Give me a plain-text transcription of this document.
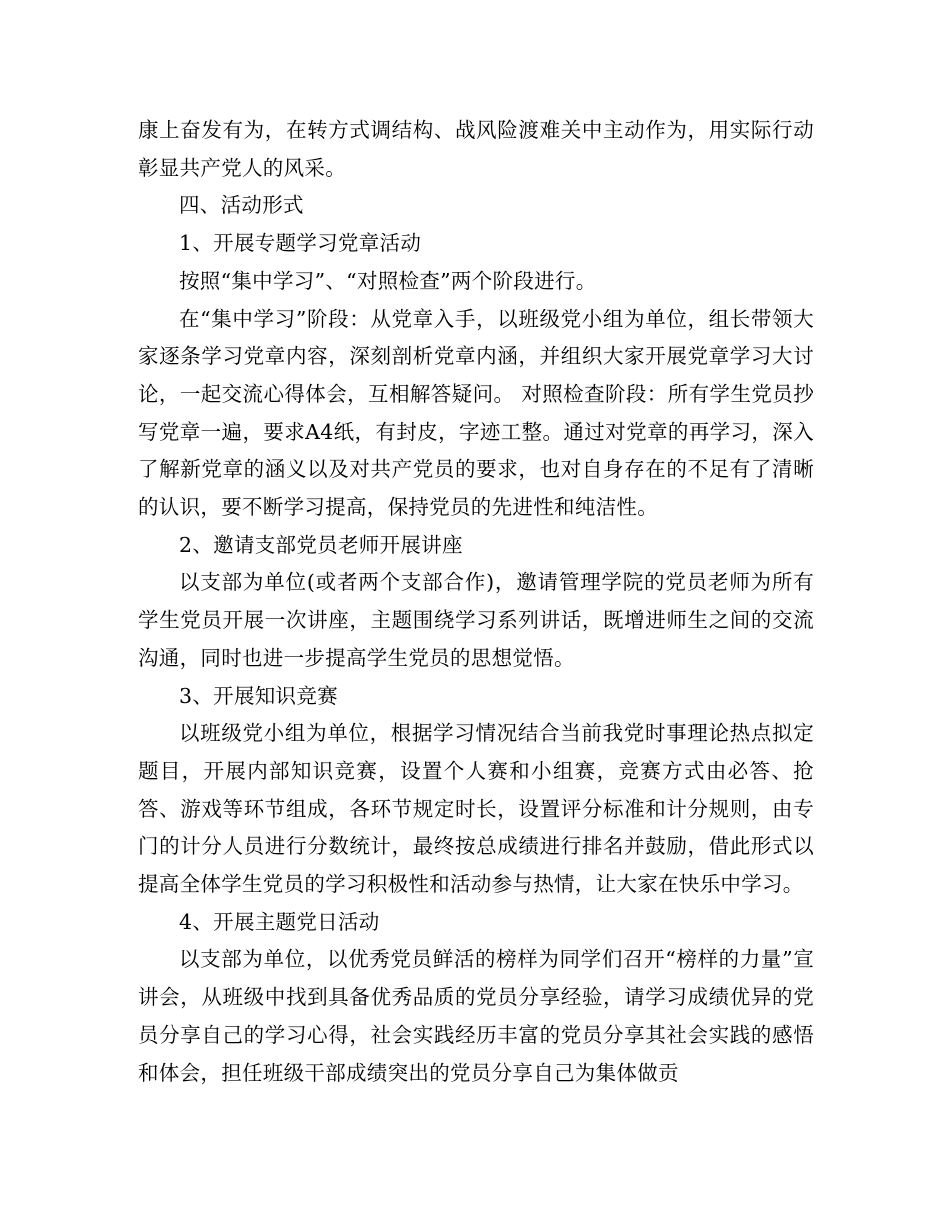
康上奋发有为，在转方式调结构、战风险渡难关中主动作为，用实际行动彰显共产党人的风采。

四、活动形式

1、开展专题学习党章活动

按照“集中学习”、“对照检查”两个阶段进行。

在“集中学习”阶段：从党章入手，以班级党小组为单位，组长带领大家逐条学习党章内容，深刻剖析党章内涵，并组织大家开展党章学习大讨论，一起交流心得体会，互相解答疑问。 对照检查阶段：所有学生党员抄写党章一遍，要求A4纸，有封皮，字迹工整。通过对党章的再学习，深入了解新党章的涵义以及对共产党员的要求，也对自身存在的不足有了清晰的认识，要不断学习提高，保持党员的先进性和纯洁性。

2、邀请支部党员老师开展讲座

以支部为单位(或者两个支部合作)，邀请管理学院的党员老师为所有学生党员开展一次讲座，主题围绕学习系列讲话，既增进师生之间的交流沟通，同时也进一步提高学生党员的思想觉悟。

3、开展知识竞赛

以班级党小组为单位，根据学习情况结合当前我党时事理论热点拟定题目，开展内部知识竞赛，设置个人赛和小组赛，竞赛方式由必答、抢答、游戏等环节组成，各环节规定时长，设置评分标准和计分规则，由专门的计分人员进行分数统计，最终按总成绩进行排名并鼓励，借此形式以提高全体学生党员的学习积极性和活动参与热情，让大家在快乐中学习。

4、开展主题党日活动

以支部为单位，以优秀党员鲜活的榜样为同学们召开“榜样的力量”宣讲会，从班级中找到具备优秀品质的党员分享经验，请学习成绩优异的党员分享自己的学习心得，社会实践经历丰富的党员分享其社会实践的感悟和体会，担任班级干部成绩突出的党员分享自己为集体做贡
